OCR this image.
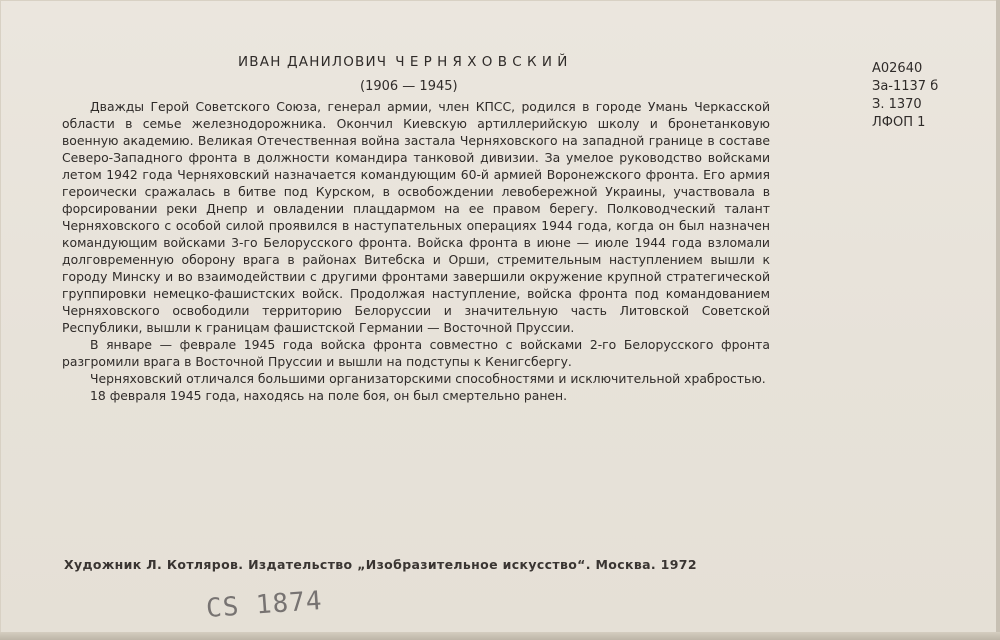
ИВАН ДАНИЛОВИЧ ЧЕРНЯХОВСКИЙ
(1906 — 1945)
А02640
За-1137 б
З. 1370
ЛФОП 1

Дважды Герой Советского Союза, генерал армии, член КПСС, родился в городе Умань Черкасской области в семье железнодорожника. Окончил Киевскую артиллерийскую школу и бронетанковую военную академию. Великая Отечественная война застала Черняховского на западной границе в составе Северо-Западного фронта в должности командира танковой дивизии. За умелое руководство войсками летом 1942 года Черняховский назначается командующим 60-й армией Воронежского фронта. Его армия героически сражалась в битве под Курском, в освобождении левобережной Украины, участвовала в форсировании реки Днепр и овладении плацдармом на ее правом берегу. Полководческий талант Черняховского с особой силой проявился в наступательных операциях 1944 года, когда он был назначен командующим войсками 3-го Белорусского фронта. Войска фронта в июне — июле 1944 года взломали долговременную оборону врага в районах Витебска и Орши, стремительным наступлением вышли к городу Минску и во взаимодействии с другими фронтами завершили окружение крупной стратегической группировки немецко-фашистских войск. Продолжая наступление, войска фронта под командованием Черняховского освободили территорию Белоруссии и значительную часть Литовской Советской Республики, вышли к границам фашистской Германии — Восточной Пруссии.

В январе — феврале 1945 года войска фронта совместно с войсками 2-го Белорусского фронта разгромили врага в Восточной Пруссии и вышли на подступы к Кенигсбергу.

Черняховский отличался большими организаторскими способностями и исключительной храбростью.

18 февраля 1945 года, находясь на поле боя, он был смертельно ранен.

Художник Л. Котляров. Издательство „Изобразительное искусство“. Москва. 1972
CS 1874
